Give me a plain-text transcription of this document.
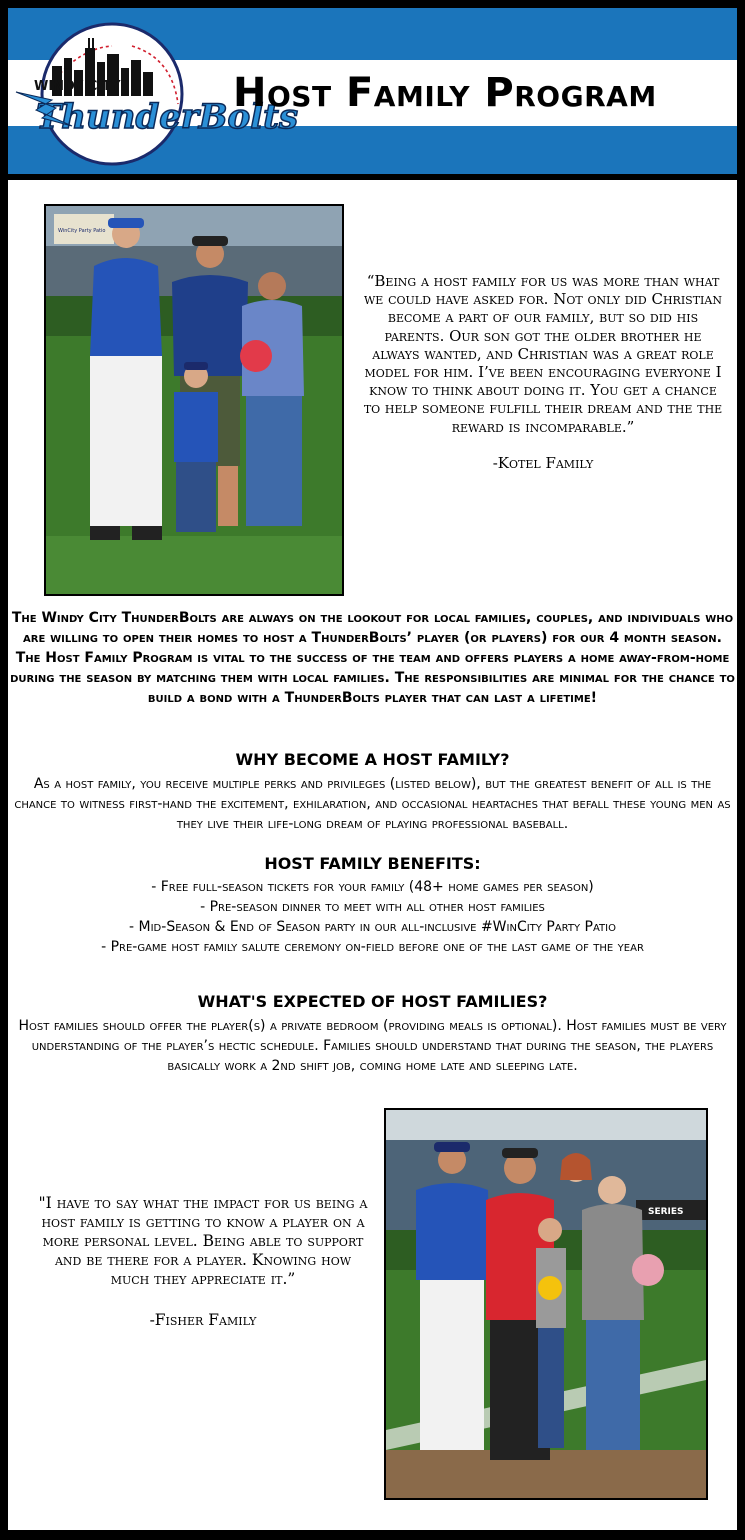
WINDY CITY
ThunderBolts
Host Family Program
WinCity Party Patio

“Being a host family for us was more than what we could have asked for. Not only did Christian become a part of our family, but so did his parents. Our son got the older brother he always wanted, and Christian was a great role model for him. I’ve been encouraging everyone I know to think about doing it. You get a chance to help someone fulfill their dream and the the reward is incomparable.”

-Kotel Family

The Windy City ThunderBolts are always on the lookout for local families, couples, and individuals who are willing to open their homes to host a ThunderBolts’ player (or players) for our 4 month season. The Host Family Program is vital to the success of the team and offers players a home away-from-home during the season by matching them with local families. The responsibilities are minimal for the chance to build a bond with a ThunderBolts player that can last a lifetime!

WHY BECOME A HOST FAMILY?

As a host family, you receive multiple perks and privileges (listed below), but the greatest benefit of all is the chance to witness first-hand the excitement, exhilaration, and occasional heartaches that befall these young men as they live their life-long dream of playing professional baseball.

HOST FAMILY BENEFITS:
- Free full-season tickets for your family (48+ home games per season)
- Pre-season dinner to meet with all other host families
- Mid-Season & End of Season party in our all-inclusive #WinCity Party Patio
- Pre-game host family salute ceremony on-field before one of the last game of the year
WHAT'S EXPECTED OF HOST FAMILIES?

Host families should offer the player(s) a private bedroom (providing meals is optional). Host families must be very understanding of the player’s hectic schedule. Families should understand that during the season, the players basically work a 2nd shift job, coming home late and sleeping late.

"I have to say what the impact for us being a host family is getting to know a player on a more personal level. Being able to support and be there for a player. Knowing how much they appreciate it.”

-Fisher Family

SERIES
